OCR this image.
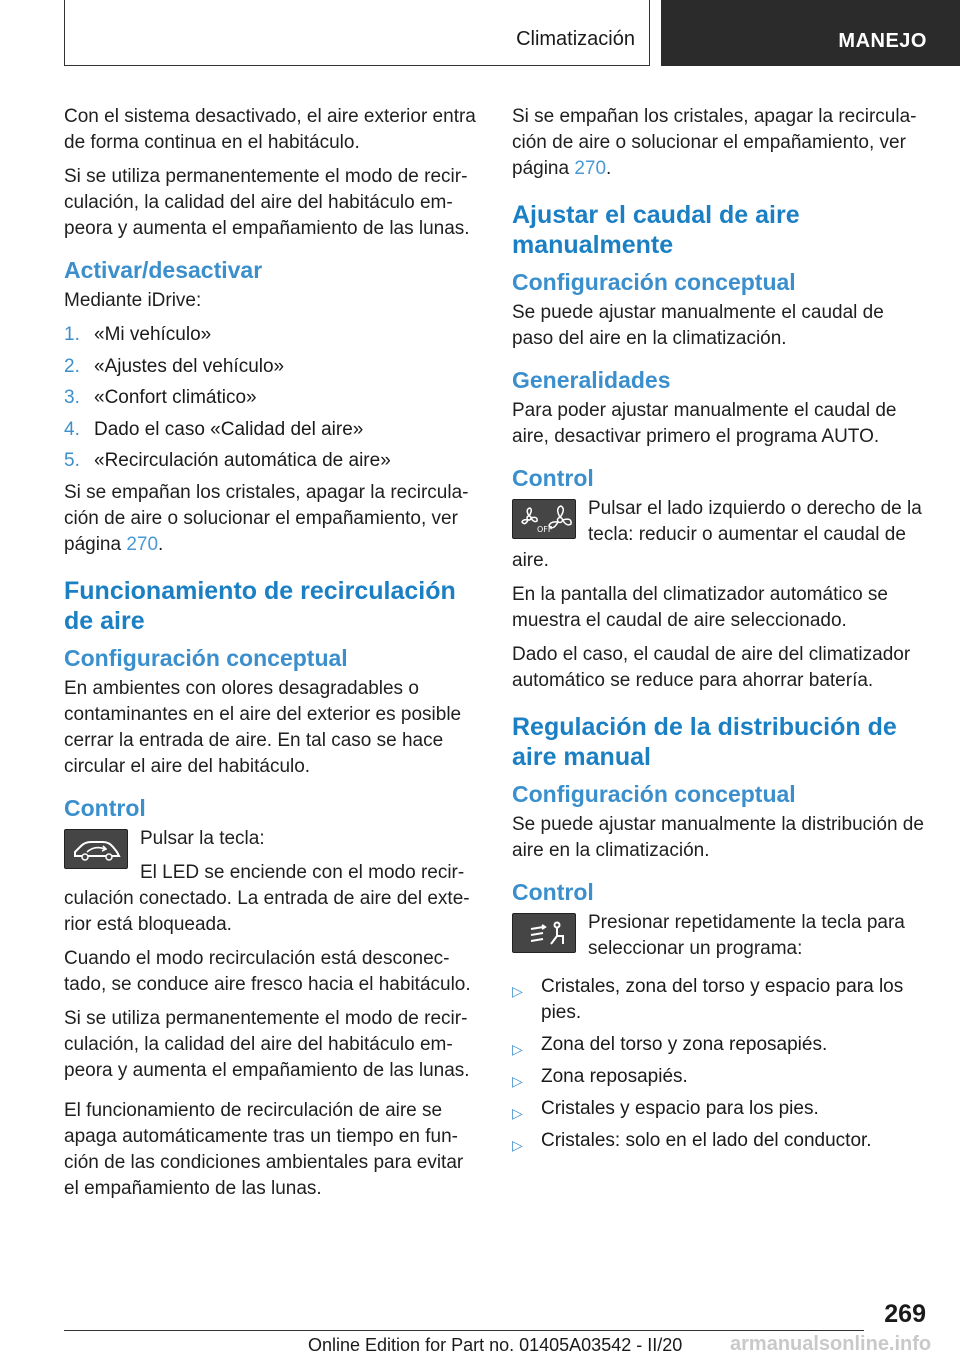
Climatización	MANEJO

Con el sistema desactivado, el aire exterior entra de forma continua en el habitáculo.

Si se utiliza permanentemente el modo de recirculación, la calidad del aire del habitáculo empeora y aumenta el empañamiento de las lunas.

Activar/desactivar

Mediante iDrive:

1. «Mi vehículo»
2. «Ajustes del vehículo»
3. «Confort climático»
4. Dado el caso «Calidad del aire»
5. «Recirculación automática de aire»

Si se empañan los cristales, apagar la recirculación de aire o solucionar el empañamiento, ver página 270.

Funcionamiento de recirculación de aire
Configuración conceptual

En ambientes con olores desagradables o contaminantes en el aire del exterior es posible cerrar la entrada de aire. En tal caso se hace circular el aire del habitáculo.

Control

Pulsar la tecla:

El LED se enciende con el modo recirculación conectado. La entrada de aire del exterior está bloqueada.

Cuando el modo recirculación está desconectado, se conduce aire fresco hacia el habitáculo.

Si se utiliza permanentemente el modo de recirculación, la calidad del aire del habitáculo empeora y aumenta el empañamiento de las lunas.

El funcionamiento de recirculación de aire se apaga automáticamente tras un tiempo en función de las condiciones ambientales para evitar el empañamiento de las lunas.

Si se empañan los cristales, apagar la recirculación de aire o solucionar el empañamiento, ver página 270.

Ajustar el caudal de aire manualmente
Configuración conceptual

Se puede ajustar manualmente el caudal de paso del aire en la climatización.

Generalidades

Para poder ajustar manualmente el caudal de aire, desactivar primero el programa AUTO.

Control
OFF

Pulsar el lado izquierdo o derecho de la tecla: reducir o aumentar el caudal de aire.

En la pantalla del climatizador automático se muestra el caudal de aire seleccionado.

Dado el caso, el caudal de aire del climatizador automático se reduce para ahorrar batería.

Regulación de la distribución de aire manual
Configuración conceptual

Se puede ajustar manualmente la distribución de aire en la climatización.

Control

Presionar repetidamente la tecla para seleccionar un programa:

▷ Cristales, zona del torso y espacio para los pies.
▷ Zona del torso y zona reposapiés.
▷ Zona reposapiés.
▷ Cristales y espacio para los pies.
▷ Cristales: solo en el lado del conductor.
269
Online Edition for Part no. 01405A03542 - II/20 armanualsonline.info
